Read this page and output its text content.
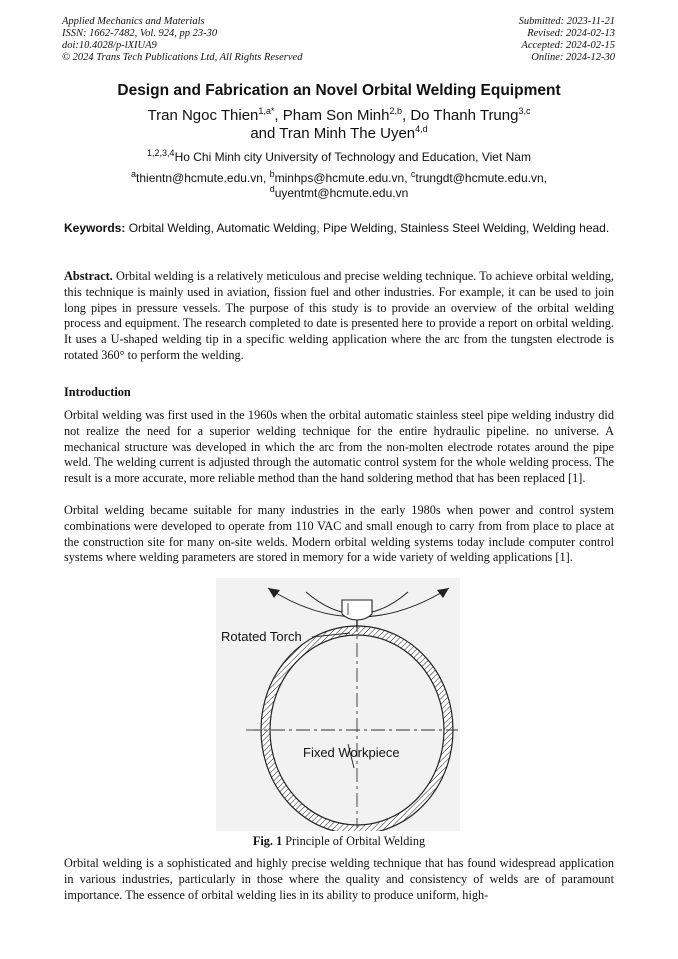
Applied Mechanics and Materials
ISSN: 1662-7482, Vol. 924, pp 23-30
doi:10.4028/p-lXIUA9
© 2024 Trans Tech Publications Ltd, All Rights Reserved
Submitted: 2023-11-21
Revised: 2024-02-13
Accepted: 2024-02-15
Online: 2024-12-30
Design and Fabrication an Novel Orbital Welding Equipment
Tran Ngoc Thien$^{1,a*}$, Pham Son Minh$^{2,b}$, Do Thanh Trung$^{3,c}$
and Tran Minh The Uyen$^{4,d}$
$^{1,2,3,4}$Ho Chi Minh city University of Technology and Education, Viet Nam
$^a$thientn@hcmute.edu.vn, $^b$minhps@hcmute.edu.vn, $^c$trungdt@hcmute.edu.vn,
$^d$uyentmt@hcmute.edu.vn
Keywords: Orbital Welding, Automatic Welding, Pipe Welding, Stainless Steel Welding, Welding head.
Abstract. Orbital welding is a relatively meticulous and precise welding technique. To achieve orbital welding, this technique is mainly used in aviation, fission fuel and other industries. For example, it can be used to join long pipes in pressure vessels. The purpose of this study is to provide an overview of the orbital welding process and equipment. The research completed to date is presented here to provide a report on orbital welding. It uses a U-shaped welding tip in a specific welding application where the arc from the tungsten electrode is rotated 360° to perform the welding.
Introduction
Orbital welding was first used in the 1960s when the orbital automatic stainless steel pipe welding industry did not realize the need for a superior welding technique for the entire hydraulic pipeline. no universe. A mechanical structure was developed in which the arc from the non-molten electrode rotates around the pipe weld. The welding current is adjusted through the automatic control system for the whole welding process. The result is a more accurate, more reliable method than the hand soldering method that has been replaced [1].
Orbital welding became suitable for many industries in the early 1980s when power and control system combinations were developed to operate from 110 VAC and small enough to carry from from place to place at the construction site for many on-site welds. Modern orbital welding systems today include computer control systems where welding parameters are stored in memory for a wide variety of welding applications [1].
Rotated Torch
Fixed Workpiece
Fig. 1 Principle of Orbital Welding
Orbital welding is a sophisticated and highly precise welding technique that has found widespread application in various industries, particularly in those where the quality and consistency of welds are of paramount importance. The essence of orbital welding lies in its ability to produce uniform, high-
